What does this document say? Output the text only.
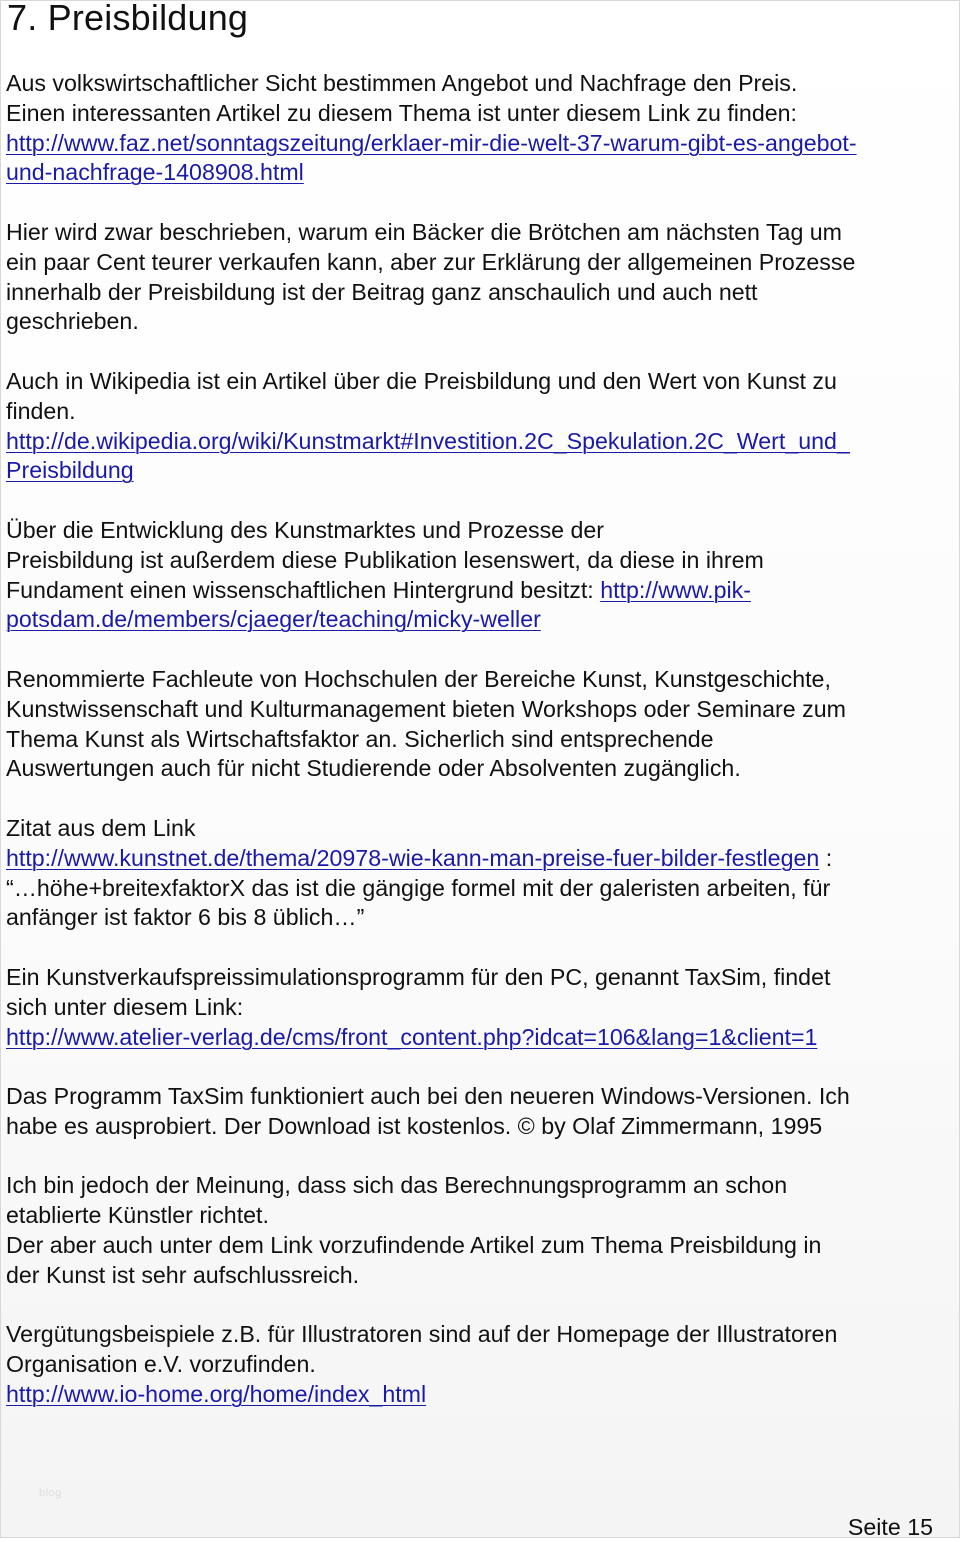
7. Preisbildung

Aus volkswirtschaftlicher Sicht bestimmen Angebot und Nachfrage den Preis.
Einen interessanten Artikel zu diesem Thema ist unter diesem Link zu finden:
http://www.faz.net/sonntagszeitung/erklaer-mir-die-welt-37-warum-gibt-es-angebot-
und-nachfrage-1408908.html

Hier wird zwar beschrieben, warum ein Bäcker die Brötchen am nächsten Tag um
ein paar Cent teurer verkaufen kann, aber zur Erklärung der allgemeinen Prozesse
innerhalb der Preisbildung ist der Beitrag ganz anschaulich und auch nett
geschrieben.

Auch in Wikipedia ist ein Artikel über die Preisbildung und den Wert von Kunst zu
finden.
http://de.wikipedia.org/wiki/Kunstmarkt#Investition.2C_Spekulation.2C_Wert_und_
Preisbildung

Über die Entwicklung des Kunstmarktes und Prozesse der
Preisbildung ist außerdem diese Publikation lesenswert, da diese in ihrem
Fundament einen wissenschaftlichen Hintergrund besitzt: http://www.pik-
potsdam.de/members/cjaeger/teaching/micky-weller

Renommierte Fachleute von Hochschulen der Bereiche Kunst, Kunstgeschichte,
Kunstwissenschaft und Kulturmanagement bieten Workshops oder Seminare zum
Thema Kunst als Wirtschaftsfaktor an. Sicherlich sind entsprechende
Auswertungen auch für nicht Studierende oder Absolventen zugänglich.

Zitat aus dem Link
http://www.kunstnet.de/thema/20978-wie-kann-man-preise-fuer-bilder-festlegen :
“…höhe+breitexfaktorX das ist die gängige formel mit der galeristen arbeiten, für
anfänger ist faktor 6 bis 8 üblich…”

Ein Kunstverkaufspreissimulationsprogramm für den PC, genannt TaxSim, findet
sich unter diesem Link:
http://www.atelier-verlag.de/cms/front_content.php?idcat=106&lang=1&client=1

Das Programm TaxSim funktioniert auch bei den neueren Windows-Versionen. Ich
habe es ausprobiert. Der Download ist kostenlos. © by Olaf Zimmermann, 1995

Ich bin jedoch der Meinung, dass sich das Berechnungsprogramm an schon
etablierte Künstler richtet.
Der aber auch unter dem Link vorzufindende Artikel zum Thema Preisbildung in
der Kunst ist sehr aufschlussreich.

Vergütungsbeispiele z.B. für Illustratoren sind auf der Homepage der Illustratoren
Organisation e.V. vorzufinden.
http://www.io-home.org/home/index_html

blog
Seite 15
